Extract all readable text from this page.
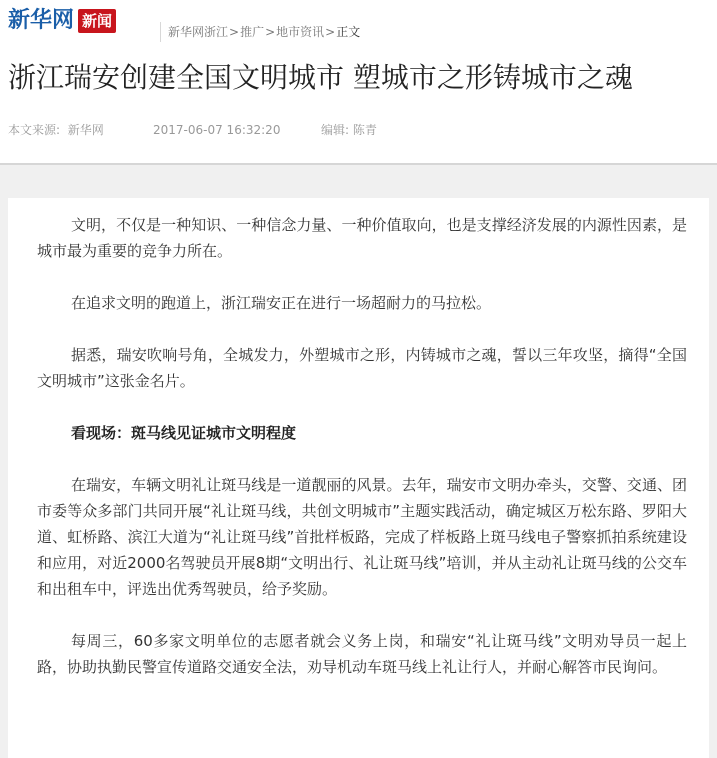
新华网 新闻
新华网浙江 > 推广 > 地市资讯 > 正文
浙江瑞安创建全国文明城市 塑城市之形铸城市之魂
本文来源: 新华网	2017-06-07 16:32:20	编辑: 陈青

文明，不仅是一种知识、一种信念力量、一种价值取向，也是支撑经济发展的内源性因素，是城市最为重要的竞争力所在。

在追求文明的跑道上，浙江瑞安正在进行一场超耐力的马拉松。

据悉，瑞安吹响号角，全城发力，外塑城市之形，内铸城市之魂，誓以三年攻坚，摘得“全国文明城市”这张金名片。

看现场：斑马线见证城市文明程度

在瑞安，车辆文明礼让斑马线是一道靓丽的风景。去年，瑞安市文明办牵头，交警、交通、团市委等众多部门共同开展“礼让斑马线，共创文明城市”主题实践活动，确定城区万松东路、罗阳大道、虹桥路、滨江大道为“礼让斑马线”首批样板路，完成了样板路上斑马线电子警察抓拍系统建设和应用，对近2000名驾驶员开展8期“文明出行、礼让斑马线”培训，并从主动礼让斑马线的公交车和出租车中，评选出优秀驾驶员，给予奖励。

每周三，60多家文明单位的志愿者就会义务上岗，和瑞安“礼让斑马线”文明劝导员一起上路，协助执勤民警宣传道路交通安全法，劝导机动车斑马线上礼让行人，并耐心解答市民询问。
